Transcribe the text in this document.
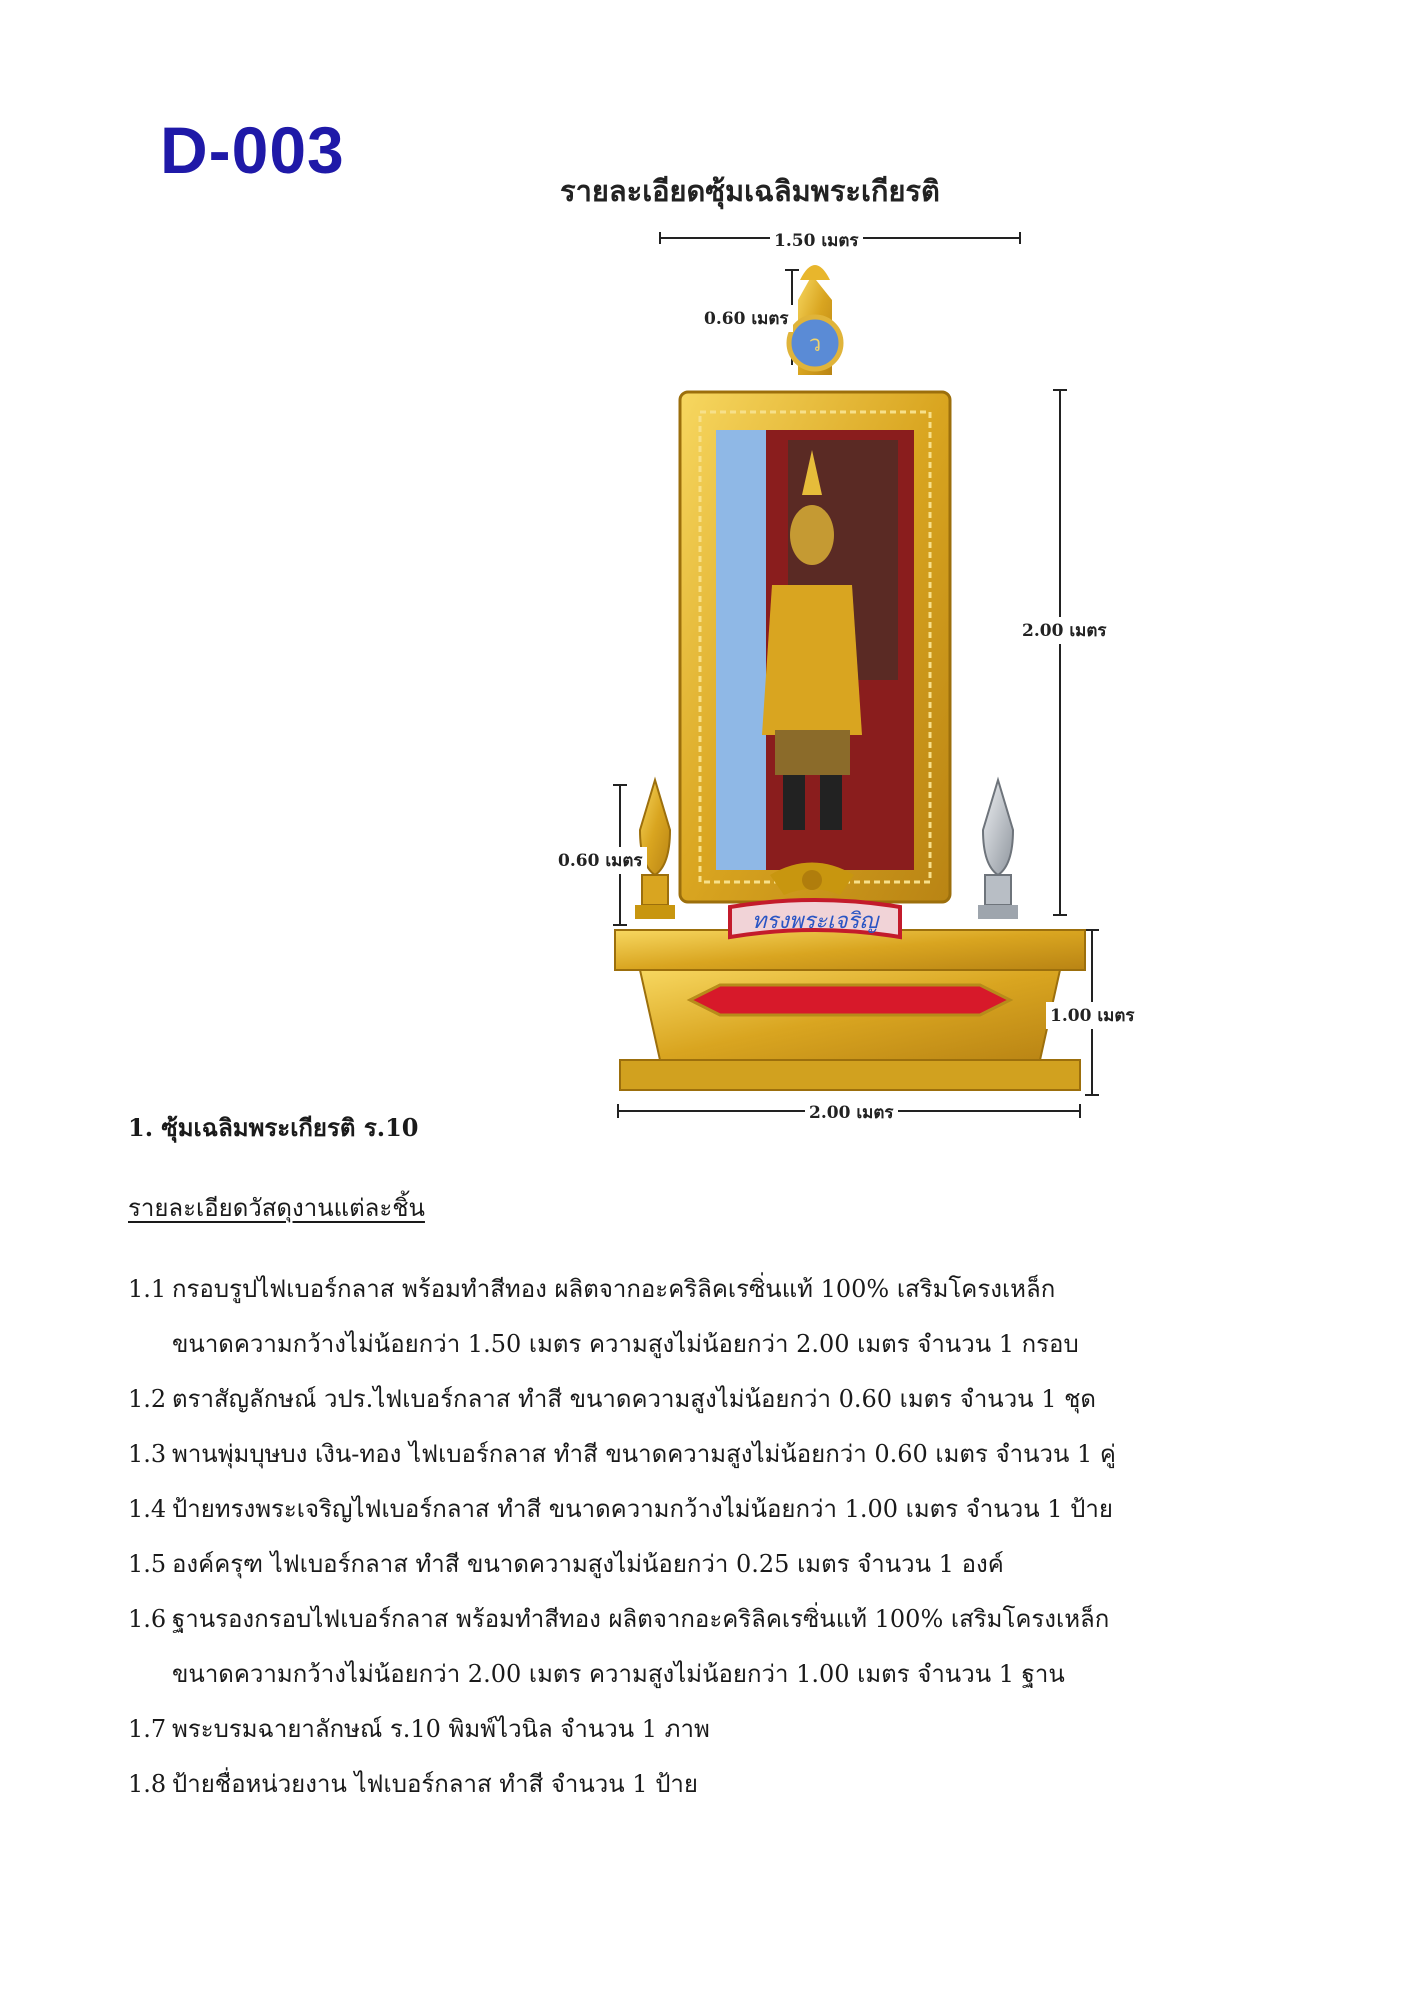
D-003
รายละเอียดซุ้มเฉลิมพระเกียรติ
ว
ทรงพระเจริญ
1.50 เมตร
0.60 เมตร
2.00 เมตร
0.60 เมตร
1.00 เมตร
2.00 เมตร
1. ซุ้มเฉลิมพระเกียรติ ร.10
รายละเอียดวัสดุงานแต่ละชิ้น
1.1 กรอบรูปไฟเบอร์กลาส พร้อมทำสีทอง ผลิตจากอะคริลิคเรซิ่นแท้ 100% เสริมโครงเหล็ก
ขนาดความกว้างไม่น้อยกว่า 1.50 เมตร ความสูงไม่น้อยกว่า 2.00 เมตร จำนวน 1 กรอบ
1.2 ตราสัญลักษณ์ วปร.ไฟเบอร์กลาส ทำสี ขนาดความสูงไม่น้อยกว่า 0.60 เมตร จำนวน 1 ชุด
1.3 พานพุ่มบุษบง เงิน-ทอง ไฟเบอร์กลาส ทำสี ขนาดความสูงไม่น้อยกว่า 0.60 เมตร จำนวน 1 คู่
1.4 ป้ายทรงพระเจริญไฟเบอร์กลาส ทำสี ขนาดความกว้างไม่น้อยกว่า 1.00 เมตร จำนวน 1 ป้าย
1.5 องค์ครุฑ ไฟเบอร์กลาส ทำสี ขนาดความสูงไม่น้อยกว่า 0.25 เมตร จำนวน 1 องค์
1.6 ฐานรองกรอบไฟเบอร์กลาส พร้อมทำสีทอง ผลิตจากอะคริลิคเรซิ่นแท้ 100% เสริมโครงเหล็ก
ขนาดความกว้างไม่น้อยกว่า 2.00 เมตร ความสูงไม่น้อยกว่า 1.00 เมตร จำนวน 1 ฐาน
1.7 พระบรมฉายาลักษณ์ ร.10 พิมพ์ไวนิล จำนวน 1 ภาพ
1.8 ป้ายชื่อหน่วยงาน ไฟเบอร์กลาส ทำสี จำนวน 1 ป้าย
